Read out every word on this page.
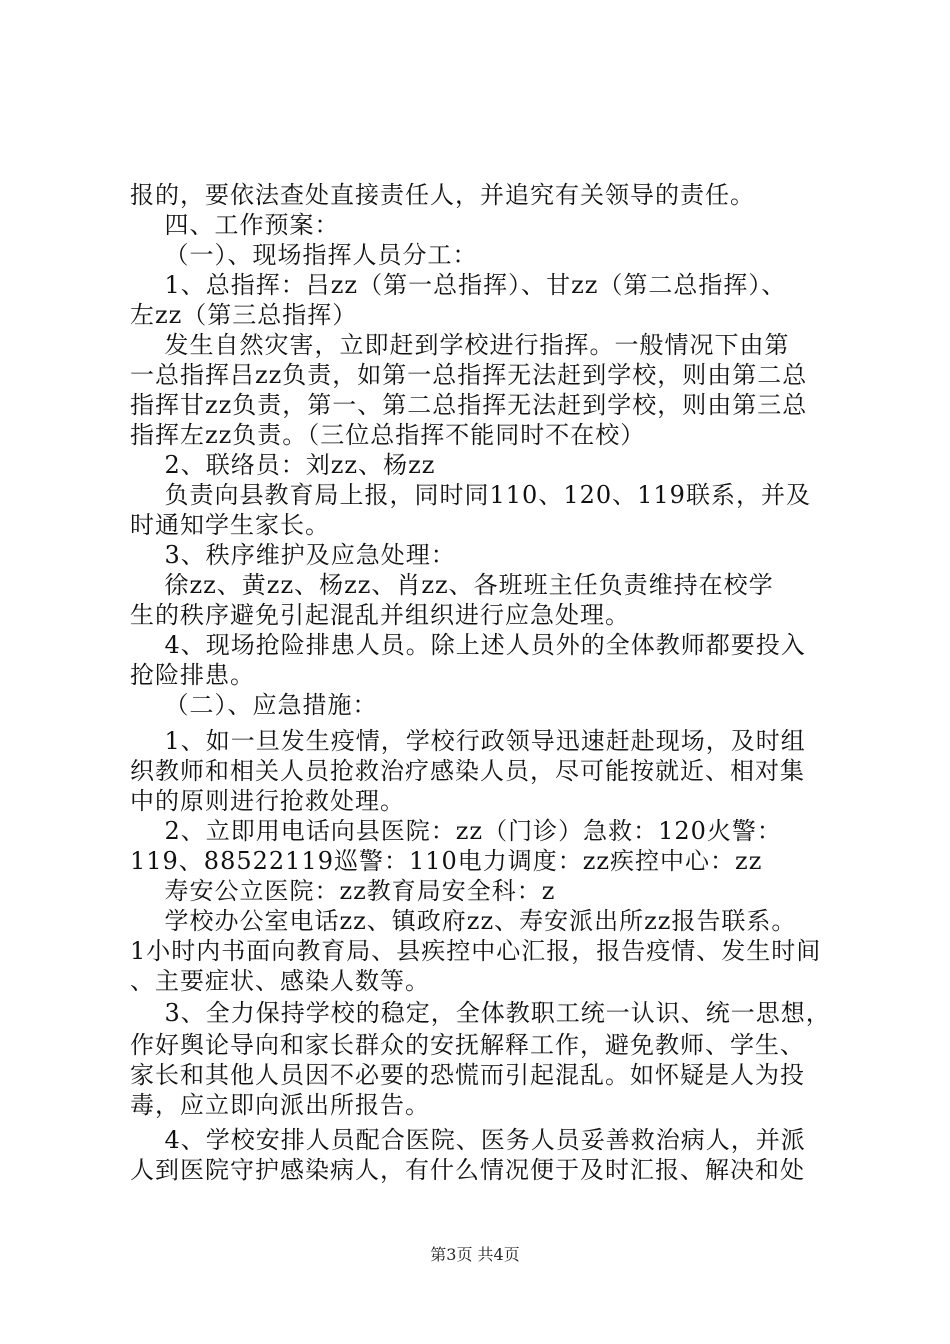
报的，要依法查处直接责任人，并追究有关领导的责任。
四、工作预案：
（一）、现场指挥人员分工：
1、总指挥：吕zz（第一总指挥）、甘zz（第二总指挥）、
左zz（第三总指挥）
发生自然灾害，立即赶到学校进行指挥。一般情况下由第
一总指挥吕zz负责，如第一总指挥无法赶到学校，则由第二总
指挥甘zz负责，第一、第二总指挥无法赶到学校，则由第三总
指挥左zz负责。（三位总指挥不能同时不在校）
2、联络员：刘zz、杨zz
负责向县教育局上报，同时同110、120、119联系，并及
时通知学生家长。
3、秩序维护及应急处理：
徐zz、黄zz、杨zz、肖zz、各班班主任负责维持在校学
生的秩序避免引起混乱并组织进行应急处理。
4、现场抢险排患人员。除上述人员外的全体教师都要投入
抢险排患。
（二）、应急措施：
1、如一旦发生疫情，学校行政领导迅速赶赴现场，及时组
织教师和相关人员抢救治疗感染人员，尽可能按就近、相对集
中的原则进行抢救处理。
2、立即用电话向县医院：zz（门诊）急救：120火警：
119、88522119巡警：110电力调度：zz疾控中心：zz
寿安公立医院：zz教育局安全科：z
学校办公室电话zz、镇政府zz、寿安派出所zz报告联系。
1小时内书面向教育局、县疾控中心汇报，报告疫情、发生时间
、主要症状、感染人数等。
3、全力保持学校的稳定，全体教职工统一认识、统一思想，
作好舆论导向和家长群众的安抚解释工作，避免教师、学生、
家长和其他人员因不必要的恐慌而引起混乱。如怀疑是人为投
毒，应立即向派出所报告。
4、学校安排人员配合医院、医务人员妥善救治病人，并派
人到医院守护感染病人，有什么情况便于及时汇报、解决和处
第3页 共4页
